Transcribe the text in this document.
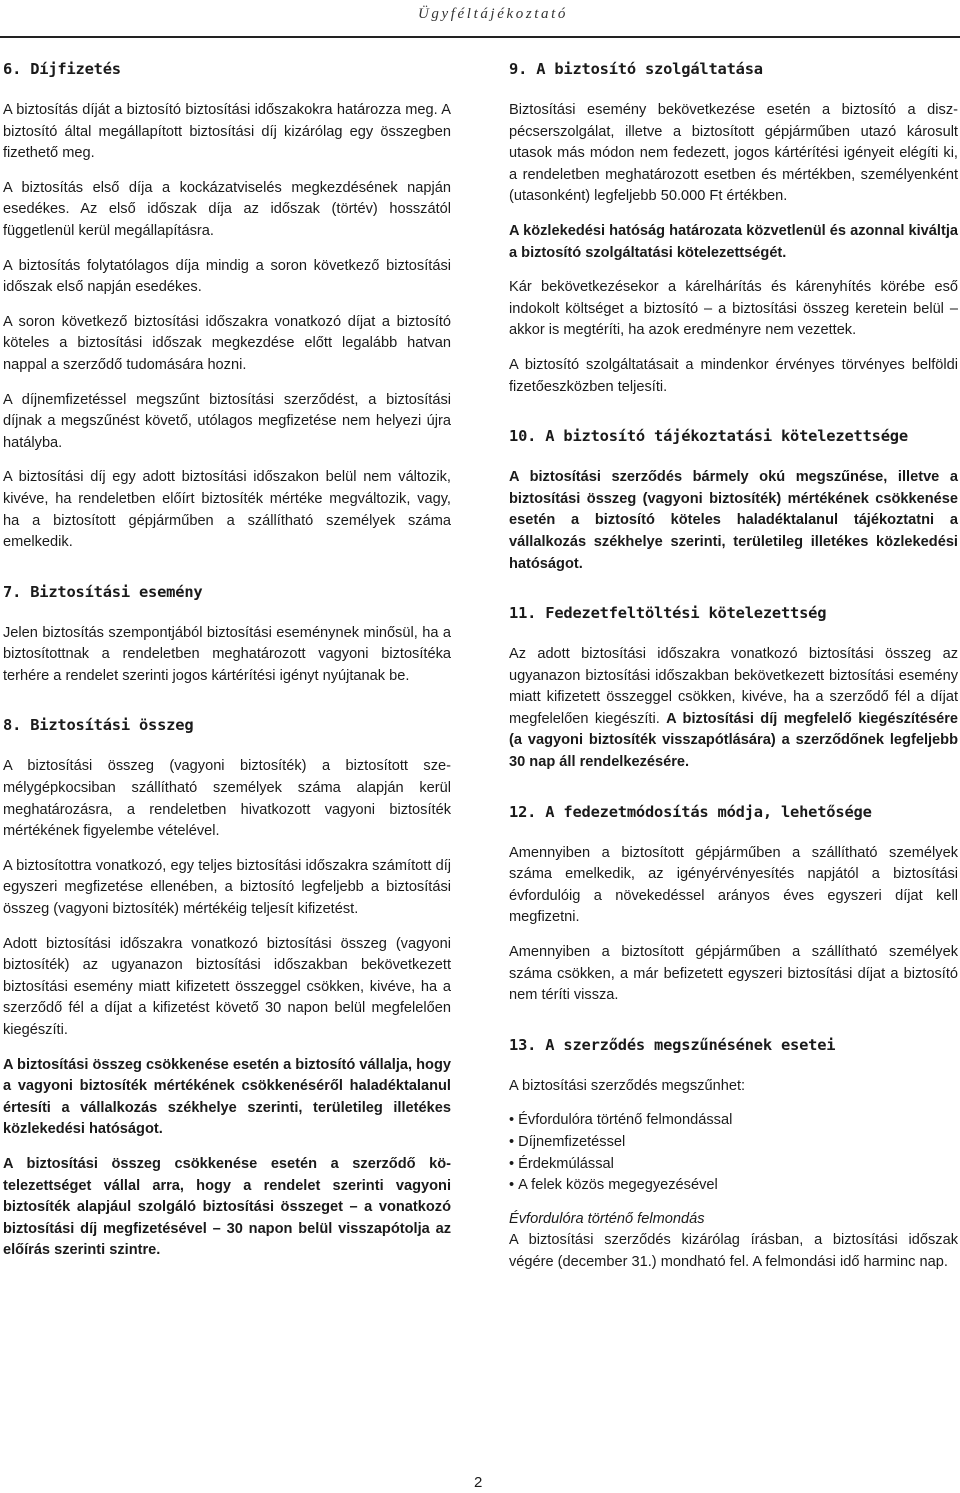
Ügyféltájékoztató
6. Díjfizetés

A biztosítás díját a biztosító biztosítási időszakokra határozza meg. A biztosító által megállapított biztosítási díj kizárólag egy összegben fizethető meg.

A biztosítás első díja a kockázatviselés megkezdésének napján esedékes. Az első időszak díja az időszak (törtév) hosszától függetlenül kerül megállapításra.

A biztosítás folytatólagos díja mindig a soron következő biztosítási időszak első napján esedékes.

A soron következő biztosítási időszakra vonatkozó díjat a biztosító köteles a biztosítási időszak megkezdése előtt legalább hatvan nappal a szerződő tudomására hozni.

A díjnemfizetéssel megszűnt biztosítási szerződést, a biztosítási díjnak a megszűnést követő, utólagos megfizetése nem helyezi újra hatályba.

A biztosítási díj egy adott biztosítási időszakon belül nem változik, kivéve, ha rendeletben előírt biztosíték mértéke megváltozik, vagy, ha a biztosított gépjárműben a szállítható személyek száma emelkedik.

7. Biztosítási esemény

Jelen biztosítás szempontjából biztosítási eseménynek minősül, ha a biztosítottnak a rendeletben meghatározott vagyoni biztosítéka terhére a rendelet szerinti jogos kártérítési igényt nyújtanak be.

8. Biztosítási összeg

A biztosítási összeg (vagyoni biztosíték) a biztosított személygépkocsiban szállítható személyek száma alapján kerül meghatározásra, a rendeletben hivatkozott vagyoni biztosíték mértékének figyelembe vételével.

A biztosítottra vonatkozó, egy teljes biztosítási időszakra számított díj egyszeri megfizetése ellenében, a biztosító legfeljebb a biztosítási összeg (vagyoni biztosíték) mértékéig teljesít kifizetést.

Adott biztosítási időszakra vonatkozó biztosítási összeg (vagyoni biztosíték) az ugyanazon biztosítási időszakban bekövetkezett biztosítási esemény miatt kifizetett összeggel csökken, kivéve, ha a szerződő fél a díjat a kifizetést követő 30 napon belül megfelelően kiegészíti.

A biztosítási összeg csökkenése esetén a biztosító vállalja, hogy a vagyoni biztosíték mértékének csökkenéséről haladéktalanul értesíti a vállalkozás székhelye szerinti, területileg illetékes közlekedési hatóságot.

A biztosítási összeg csökkenése esetén a szerződő kötelezettséget vállal arra, hogy a rendelet szerinti vagyoni biztosíték alapjául szolgáló biztosítási összeget – a vonatkozó biztosítási díj megfizetésével – 30 napon belül visszapótolja az előírás szerinti szintre.

9. A biztosító szolgáltatása

Biztosítási esemény bekövetkezése esetén a biztosító a diszpécserszolgálat, illetve a biztosított gépjárműben utazó károsult utasok más módon nem fedezett, jogos kártérítési igényeit elégíti ki, a rendeletben meghatározott esetben és mértékben, személyenként (utasonként) legfeljebb 50.000 Ft értékben.

A közlekedési hatóság határozata közvetlenül és azonnal kiváltja a biztosító szolgáltatási kötelezettségét.

Kár bekövetkezésekor a kárelhárítás és kárenyhítés körébe eső indokolt költséget a biztosító – a biztosítási összeg keretein belül – akkor is megtéríti, ha azok eredményre nem vezettek.

A biztosító szolgáltatásait a mindenkor érvényes törvényes belföldi fizetőeszközben teljesíti.

10. A biztosító tájékoztatási kötelezettsége

A biztosítási szerződés bármely okú megszűnése, illetve a biztosítási összeg (vagyoni biztosíték) mértékének csökkenése esetén a biztosító köteles haladéktalanul tájékoztatni a vállalkozás székhelye szerinti, területileg illetékes közlekedési hatóságot.

11. Fedezetfeltöltési kötelezettség

Az adott biztosítási időszakra vonatkozó biztosítási összeg az ugyanazon biztosítási időszakban bekövetkezett biztosítási esemény miatt kifizetett összeggel csökken, kivéve, ha a szerződő fél a díjat megfelelően kiegészíti. A biztosítási díj megfelelő kiegészítésére (a vagyoni biztosíték visszapótlására) a szerződőnek legfeljebb 30 nap áll rendelkezésére.

12. A fedezetmódosítás módja, lehetősége

Amennyiben a biztosított gépjárműben a szállítható személyek száma emelkedik, az igényérvényesítés napjától a biztosítási évfordulóig a növekedéssel arányos éves egyszeri díjat kell megfizetni.

Amennyiben a biztosított gépjárműben a szállítható személyek száma csökken, a már befizetett egyszeri biztosítási díjat a biztosító nem téríti vissza.

13. A szerződés megszűnésének esetei

A biztosítási szerződés megszűnhet:

• Évfordulóra történő felmondással
• Díjnemfizetéssel
• Érdekmúlással
• A felek közös megegyezésével

Évfordulóra történő felmondás

A biztosítási szerződés kizárólag írásban, a biztosítási időszak végére (december 31.) mondható fel. A felmondási idő harminc nap.

2
